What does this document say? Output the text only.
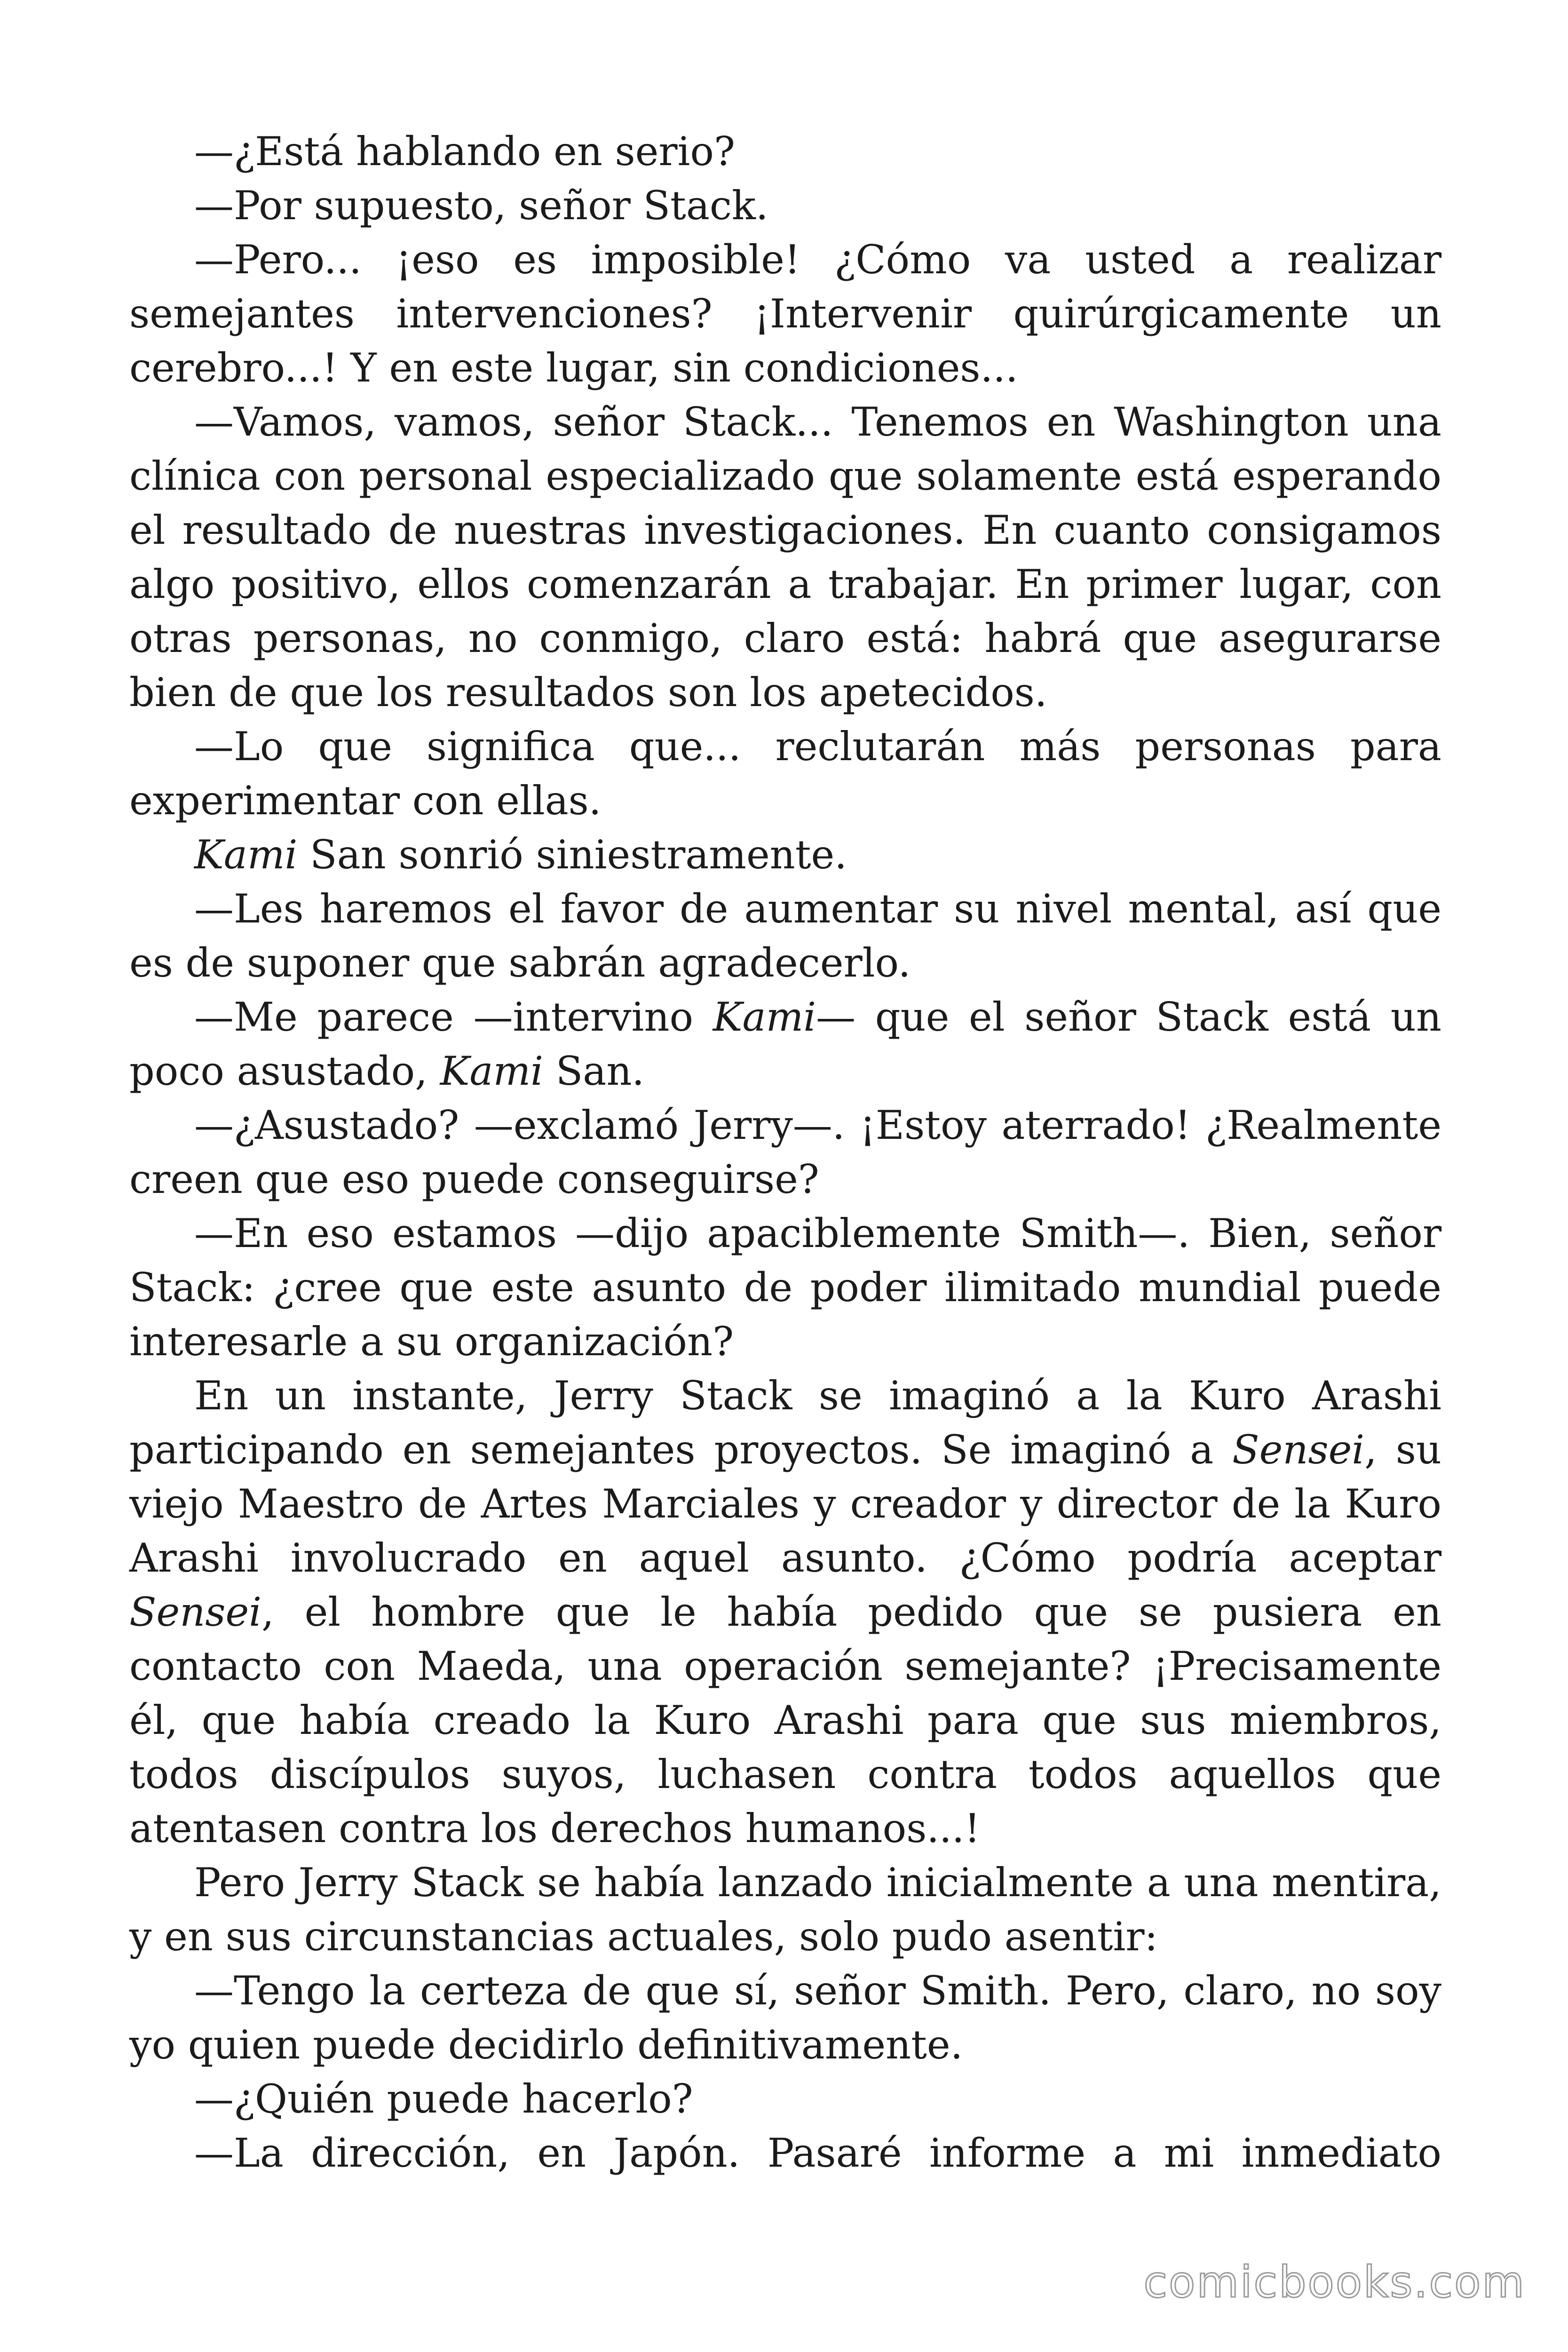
—¿Está hablando en serio?

—Por supuesto, señor Stack.

—Pero... ¡eso es imposible! ¿Cómo va usted a realizar semejantes intervenciones? ¡Intervenir quirúrgicamente un cerebro...! Y en este lugar, sin condiciones...

—Vamos, vamos, señor Stack... Tenemos en Washington una clínica con personal especializado que solamente está esperando el resultado de nuestras investigaciones. En cuanto consigamos algo positivo, ellos comenzarán a trabajar. En primer lugar, con otras personas, no conmigo, claro está: habrá que asegurarse bien de que los resultados son los apetecidos.

—Lo que significa que... reclutarán más personas para experimentar con ellas.

Kami San sonrió siniestramente.

—Les haremos el favor de aumentar su nivel mental, así que es de suponer que sabrán agradecerlo.

—Me parece —intervino Kami— que el señor Stack está un poco asustado, Kami San.

—¿Asustado? —exclamó Jerry—. ¡Estoy aterrado! ¿Realmente creen que eso puede conseguirse?

—En eso estamos —dijo apaciblemente Smith—. Bien, señor Stack: ¿cree que este asunto de poder ilimitado mundial puede interesarle a su organización?

En un instante, Jerry Stack se imaginó a la Kuro Arashi participando en semejantes proyectos. Se imaginó a Sensei, su viejo Maestro de Artes Marciales y creador y director de la Kuro Arashi involucrado en aquel asunto. ¿Cómo podría aceptar Sensei, el hombre que le había pedido que se pusiera en contacto con Maeda, una operación semejante? ¡Precisamente él, que había creado la Kuro Arashi para que sus miembros, todos discípulos suyos, luchasen contra todos aquellos que atentasen contra los derechos humanos...!

Pero Jerry Stack se había lanzado inicialmente a una mentira, y en sus circunstancias actuales, solo pudo asentir:

—Tengo la certeza de que sí, señor Smith. Pero, claro, no soy yo quien puede decidirlo definitivamente.

—¿Quién puede hacerlo?

—La dirección, en Japón. Pasaré informe a mi inmediato

comicbooks.com
